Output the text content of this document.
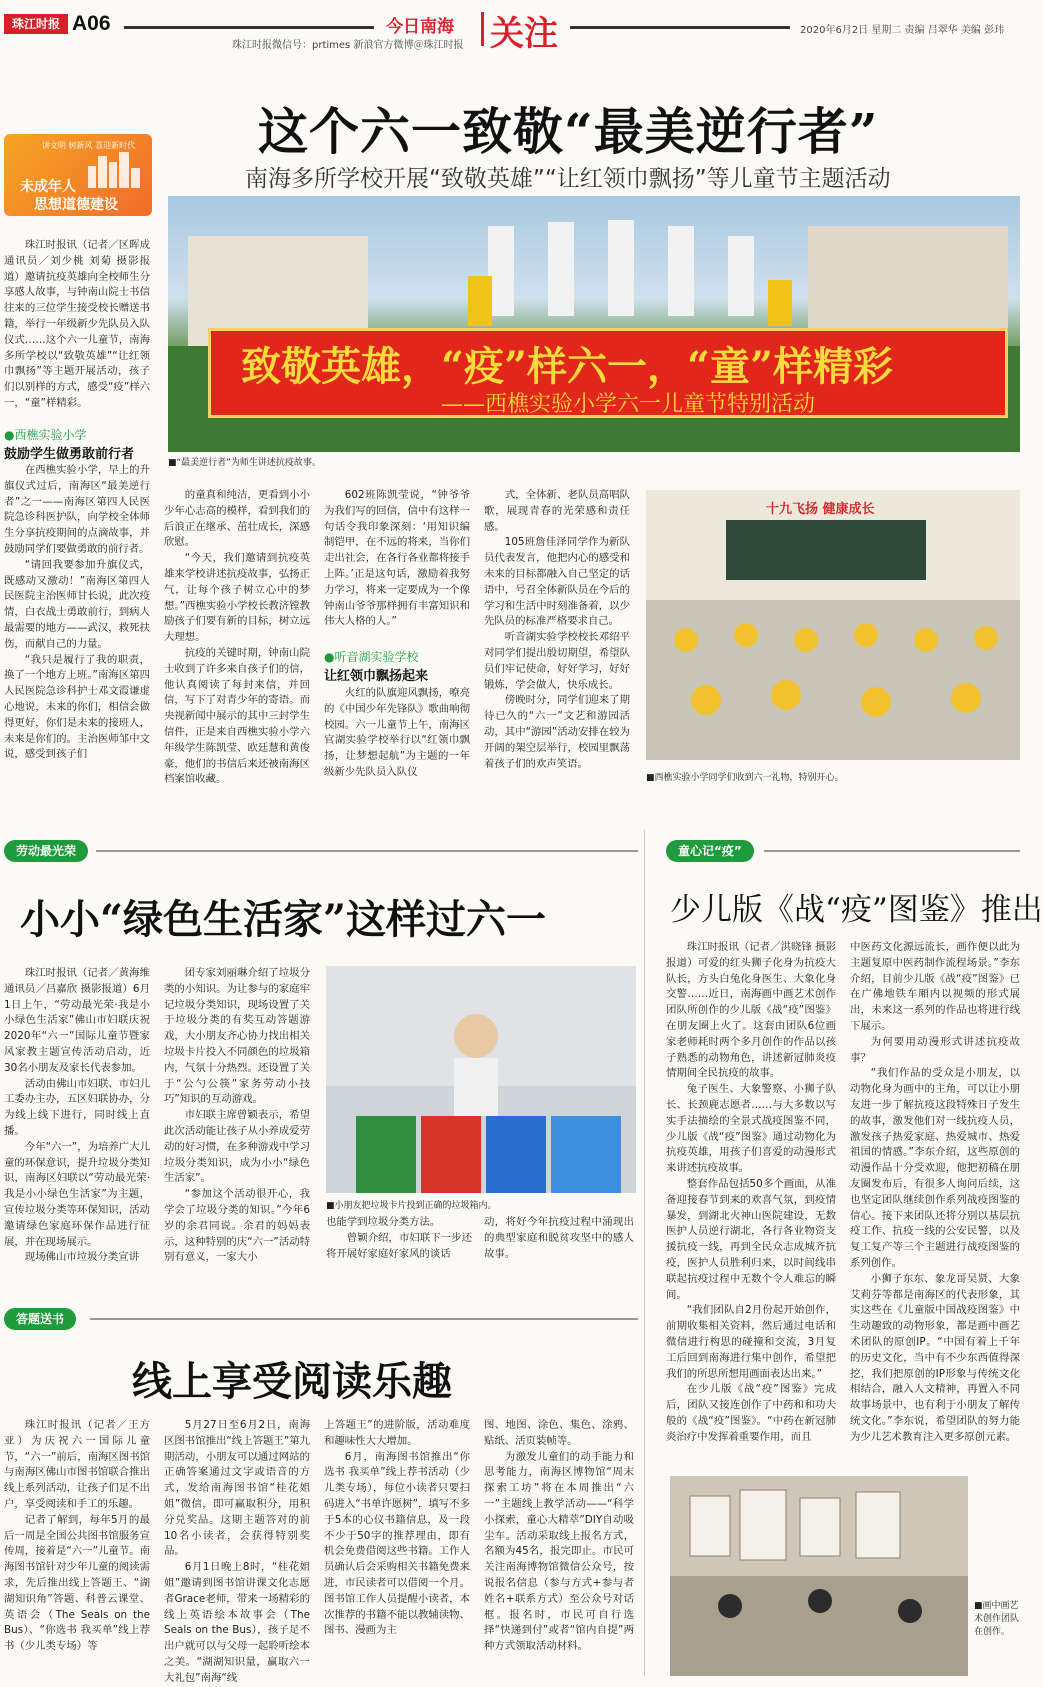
珠江时报 A06
珠江时报微信号：prtimes 新浪官方微博＠珠江时报
今日南海 关注	2020年6月2日 星期二 责编 吕翠华 美编 彭玮
这个六一致敬“最美逆行者”
南海多所学校开展“致敬英雄”“让红领巾飘扬”等儿童节主题活动
讲文明 树新风 喜迎新时代
未成年人
思想道德建设

珠江时报讯（记者／区晖成 通讯员／刘少桃 刘菊 摄影报道）邀请抗疫英雄向全校师生分享感人故事，与钟南山院士书信往来的三位学生接受校长赠送书籍，举行一年级新少先队员入队仪式……这个六一儿童节，南海多所学校以“致敬英雄”“让红领巾飘扬”等主题开展活动，孩子们以别样的方式，感受“疫”样六一，“童”样精彩。

致敬英雄，“疫”样六一，“童”样精彩
——西樵实验小学六一儿童节特别活动
■“最美逆行者”为师生讲述抗疫故事。
●西樵实验小学
鼓励学生做勇敢前行者

在西樵实验小学，早上的升旗仪式过后，南海区“最美逆行者”之一——南海区第四人民医院急诊科医护队，向学校全体师生分享抗疫期间的点滴故事，并鼓励同学们要做勇敢的前行者。

“请回我要参加升旗仪式，既感动又激动！”南海区第四人民医院主治医师甘长说，此次疫情，白衣战士勇敢前行，到病人最需要的地方——武汉，救死扶伤，而献自己的力量。

“我只是履行了我的职责，换了一个地方上班。”南海区第四人民医院急诊科护士邓文霞谦虚心地说，未来的你们，相信会做得更好，你们是未来的接班人，未来是你们的。主治医师邹中文说，感受到孩子们

的童真和纯洁，更看到小小少年心志高的模样，看到我们的后浪正在继承、茁壮成长，深感欣慰。

“今天，我们邀请到抗疫英雄来学校讲述抗疫故事，弘扬正气，让每个孩子树立心中的梦想。”西樵实验小学校长教济镗教励孩子们要有新的目标，树立远大理想。

抗疫的关键时期，钟南山院士收到了许多来自孩子们的信，他认真阅读了每封来信，并回信，写下了对青少年的寄语。而央视新闻中展示的其中三封学生信件，正是来自西樵实验小学六年级学生陈凯莹、欧廷慧和黄俊豪，他们的书信后来还被南海区档案馆收藏。

602班陈凯莹说，“钟爷爷为我们写的回信，信中有这样一句话令我印象深刻：‘用知识编制铠甲，在不远的将来，当你们走出社会，在各行各业都将接手上阵。’正是这句话，激励着我努力学习，将来一定要成为一个像钟南山爷爷那样拥有丰富知识和伟大人格的人。”

●听音湖实验学校
让红领巾飘扬起来

火红的队旗迎风飘扬，嘹亮的《中国少年先锋队》歌曲响彻校园。六一儿童节上午，南海区官湖实验学校举行以“红领巾飘扬，让梦想起航”为主题的一年级新少先队员入队仪

式，全体新、老队员高唱队歌，展现青春的光荣感和责任感。

105班詹佳泽同学作为新队员代表发言，他把内心的感受和未来的目标都融入自己坚定的话语中，号召全体新队员在今后的学习和生活中时刻准备着，以少先队员的标准严格要求自己。

听音湖实验学校校长邓绍平对同学们提出殷切期望，希望队员们牢记使命，好好学习，好好锻炼，学会做人，快乐成长。

傍晚时分，同学们迎来了期待已久的“六一”文艺和游园活动，其中“游园”活动安排在较为开阔的架空层举行，校园里飘荡着孩子们的欢声笑语。

十九飞扬 健康成长
■西樵实验小学同学们收到六一礼物，特别开心。
劳动最光荣
小小“绿色生活家”这样过六一

珠江时报讯（记者／黄海维 通讯员／吕嘉欣 摄影报道）6月1日上午，“劳动最光荣·我是小小绿色生活家”佛山市妇联庆祝2020年“六一”国际儿童节暨家风家教主题宣传活动启动，近30名小朋友及家长代表参加。

活动由佛山市妇联、市妇儿工委办主办，五区妇联协办，分为线上线下进行，同时线上直播。

今年“六一”，为培养广大儿童的环保意识，提升垃圾分类知识，南海区妇联以“劳动最光荣·我是小小绿色生活家”为主题，宣传垃圾分类等环保知识，活动邀请绿色家庭环保作品进行征展，并在现场展示。

现场佛山市垃圾分类宣讲

团专家刘丽琳介绍了垃圾分类的小知识。为让参与的家庭牢记垃圾分类知识，现场设置了关于垃圾分类的有奖互动答题游戏，大小朋友齐心协力找出相关垃圾卡片投入不同颜色的垃圾箱内，气氛十分热烈。还设置了关于“公勺公筷”家务劳动小技巧”知识的互动游戏。

市妇联主席曾颖表示，希望此次活动能让孩子从小养成爱劳动的好习惯，在多种游戏中学习垃圾分类知识，成为小小“绿色生活家”。

“参加这个活动很开心，我学会了垃圾分类的知识。”今年6岁的余君同说。余君的妈妈表示，这种特别的庆“六一”活动特别有意义，一家大小

■小朋友把垃圾卡片投到正确的垃圾箱内。

也能学到垃圾分类方法。

曾颖介绍，市妇联下一步还将开展好家庭好家风的谈话

动，将好今年抗疫过程中涌现出的典型家庭和脱贫攻坚中的感人故事。

答题送书
线上享受阅读乐趣

珠江时报讯（记者／王方亚）为庆祝六一国际儿童节，“六一”前后，南海区图书馆与南海区佛山市图书馆联合推出线上系列活动，让孩子们足不出户，享受阅读和手工的乐趣。

记者了解到，每年5月的最后一周是全国公共图书馆服务宣传周，接着是“六一”儿童节。南海图书馆针对少年儿童的阅读需求，先后推出线上答题王、“湖湖知识角”答题、科普云课堂、英语会（The Seals on the Bus）、“你选书 我买单”线上荐书（少儿类专场）等

5月27日至6月2日，南海区图书馆推出“线上答题王”第九期活动，小朋友可以通过网站的正确答案通过文字或语音的方式，发给南海图书馆“桂花姐姐”微信，即可赢取积分，用积分兑奖品。这期主题答对的前10名小读者，会获得特别奖品。

6月1日晚上8时，“桂花姐姐”邀请到图书馆讲课文化志愿者Grace老师，带来一场精彩的线上英语绘本故事会（The Seals on the Bus），孩子足不出户就可以与父母一起聆听绘本之美。“湖湖知识量，赢取六一大礼包”南海“线

上答题王”的进阶版，活动难度和趣味性大大增加。

6月，南海图书馆推出“你选书 我买单”线上荐书活动（少儿类专场），每位小读者只要扫码进入“书单许愿树”，填写不多于5本的心仪书籍信息，及一段不少于50字的推荐理由，即有机会免费借阅这些书籍。工作人员确认后会采购相关书籍免费来进，市民读者可以借阅一个月。图书馆工作人员提醒小读者，本次推荐的书籍不能以教辅读物、图书、漫画为主

图、地图、涂色、集色、涂鸦、贴纸、活页装帧等。

为激发儿童们的动手能力和思考能力，南海区博物馆“周末探索工坊”将在本周推出“六一”主题线上教学活动——“科学小探索，童心大精萃”DIY自动吸尘车。活动采取线上报名方式，名额为45名，报完即止。市民可关注南海博物馆微信公众号，按说报名信息（参与方式+参与者姓名+联系方式）至公众号对话框。报名时，市民可自行选择“快递到付”或者“馆内自提”两种方式领取活动材料。

童心记“疫”
少儿版《战“疫”图鉴》推出

珠江时报讯（记者／洪晓锋 摄影报道）可爱的红头狮子化身为抗疫大队长，方头白兔化身医生、大象化身交警……近日，南海画中画艺术创作团队所创作的少儿版《战“疫”图鉴》在朋友圈上火了。这套由团队6位画家老师耗时两个多月创作的作品以孩子熟悉的动物角色，讲述新冠肺炎疫情期间全民抗疫的故事。

兔子医生、大象警察、小狮子队长、长颈鹿志愿者……与大多数以写实手法描绘的全景式战疫图鉴不同，少儿版《战“疫”图鉴》通过动物化为抗疫英雄，用孩子们喜爱的动漫形式来讲述抗疫故事。

整套作品包括50多个画面，从准备迎接春节到来的欢喜气氛，到疫情暴发，到湖北火神山医院建设，无数医护人员逆行湖北，各行各业物资支援抗疫一线，再到全民众志成城齐抗疫，医护人员胜利归来，以时间线串联起抗疫过程中无数个令人难忘的瞬间。

“我们团队自2月份起开始创作，前期收集相关资料，然后通过电话和微信进行构思的碰撞和交流，3月复工后回到南海进行集中创作，希望把我们的所思所想用画面表达出来。”

在少儿版《战“疫”图鉴》完成后，团队又接连创作了中药和和功夫般的《战“疫”图鉴》。“中药在新冠肺炎治疗中发挥着重要作用，而且

中医药文化源远流长，画作便以此为主题复原中医药制作流程场景。”李东介绍，目前少儿版《战“疫”图鉴》已在广佛地铁车厢内以视频的形式展出，未来这一系列的作品也将进行线下展示。

为何要用动漫形式讲述抗疫故事？

“我们作品的受众是小朋友，以动物化身为画中的主角，可以让小朋友进一步了解抗疫这段特殊日子发生的故事，激发他们对一线抗疫人员，激发孩子热爱家庭、热爱城市、热爱祖国的情感。”李东介绍，这些原创的动漫作品十分受欢迎，他把初稿在朋友圈发布后，有很多人询问后续，这也坚定团队继续创作系列战疫图鉴的信心。接下来团队还将分别以基层抗疫工作、抗疫一线的公安民警，以及复工复产等三个主题进行战疫图鉴的系列创作。

小狮子东东、象龙哥吴贤、大象艾莉芬等都是南海区的代表形象，其实这些在《儿童版中国战疫图鉴》中生动趣致的动物形象，都是画中画艺术团队的原创IP。“中国有着上千年的历史文化，当中有不少东西值得深挖，我们把原创的IP形象与传统文化相结合，融入人文精神，再置入不同故事场景中，也有利于小朋友了解传统文化。”李东说，希望团队的努力能为少儿艺术教育注入更多原创元素。

■画中画艺术创作团队在创作。
